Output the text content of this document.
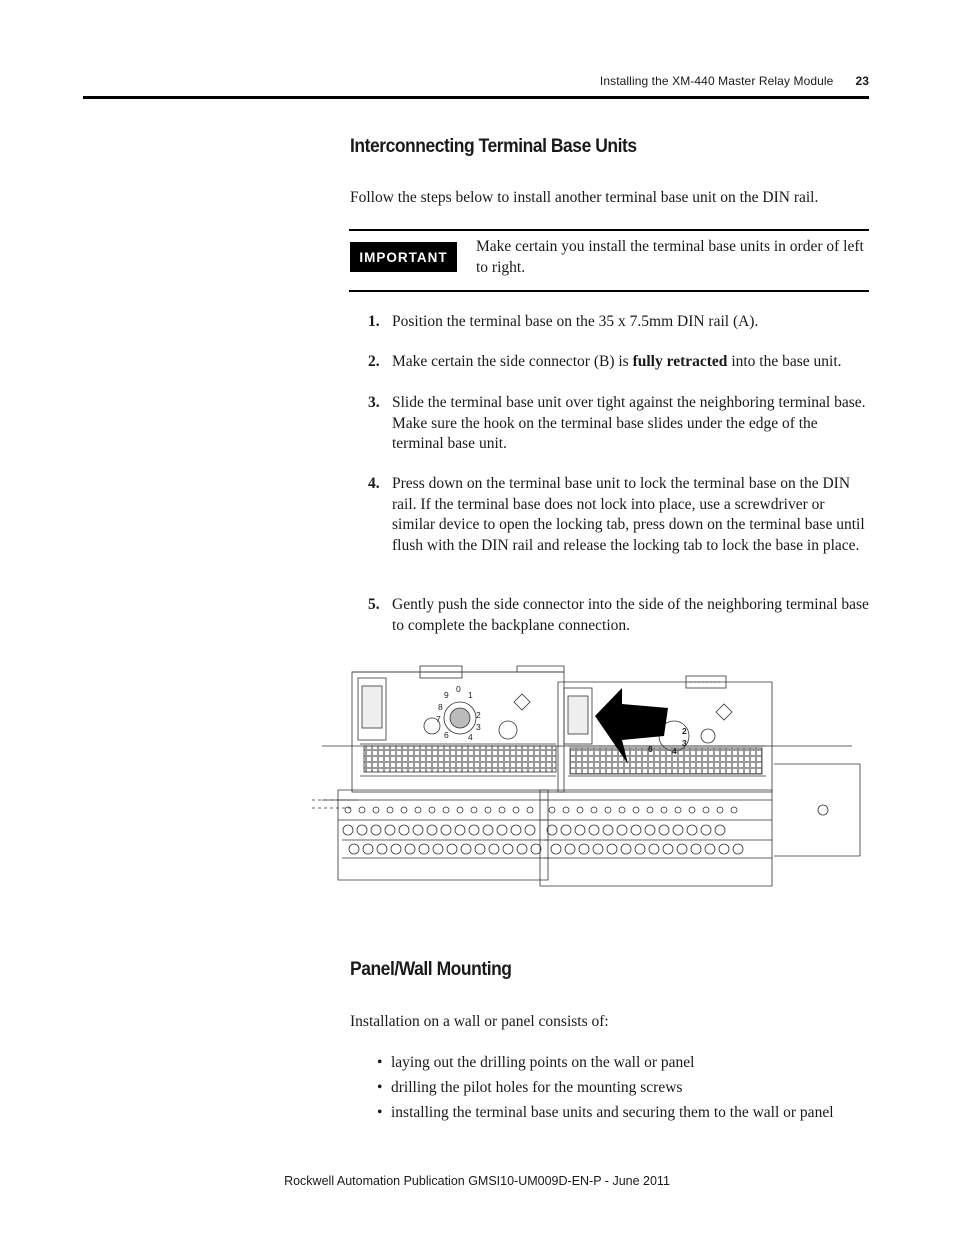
Installing the XM-440 Master Relay Module 23
Interconnecting Terminal Base Units
Follow the steps below to install another terminal base unit on the DIN rail.
IMPORTANT
Make certain you install the terminal base units in order of left to right.
1. Position the terminal base on the 35 x 7.5mm DIN rail (A).
2. Make certain the side connector (B) is fully retracted into the base unit.
3. Slide the terminal base unit over tight against the neighboring terminal base. Make sure the hook on the terminal base slides under the edge of the terminal base unit.
4. Press down on the terminal base unit to lock the terminal base on the DIN rail. If the terminal base does not lock into place, use a screwdriver or similar device to open the locking tab, press down on the terminal base until flush with the DIN rail and release the locking tab to lock the base in place.
5. Gently push the side connector into the side of the neighboring terminal base to complete the backplane connection.
9
0
1
8
2
7
3
6 4
2
3
6 4
Panel/Wall Mounting
Installation on a wall or panel consists of:
• laying out the drilling points on the wall or panel
• drilling the pilot holes for the mounting screws
• installing the terminal base units and securing them to the wall or panel
Rockwell Automation Publication GMSI10-UM009D-EN-P - June 2011
